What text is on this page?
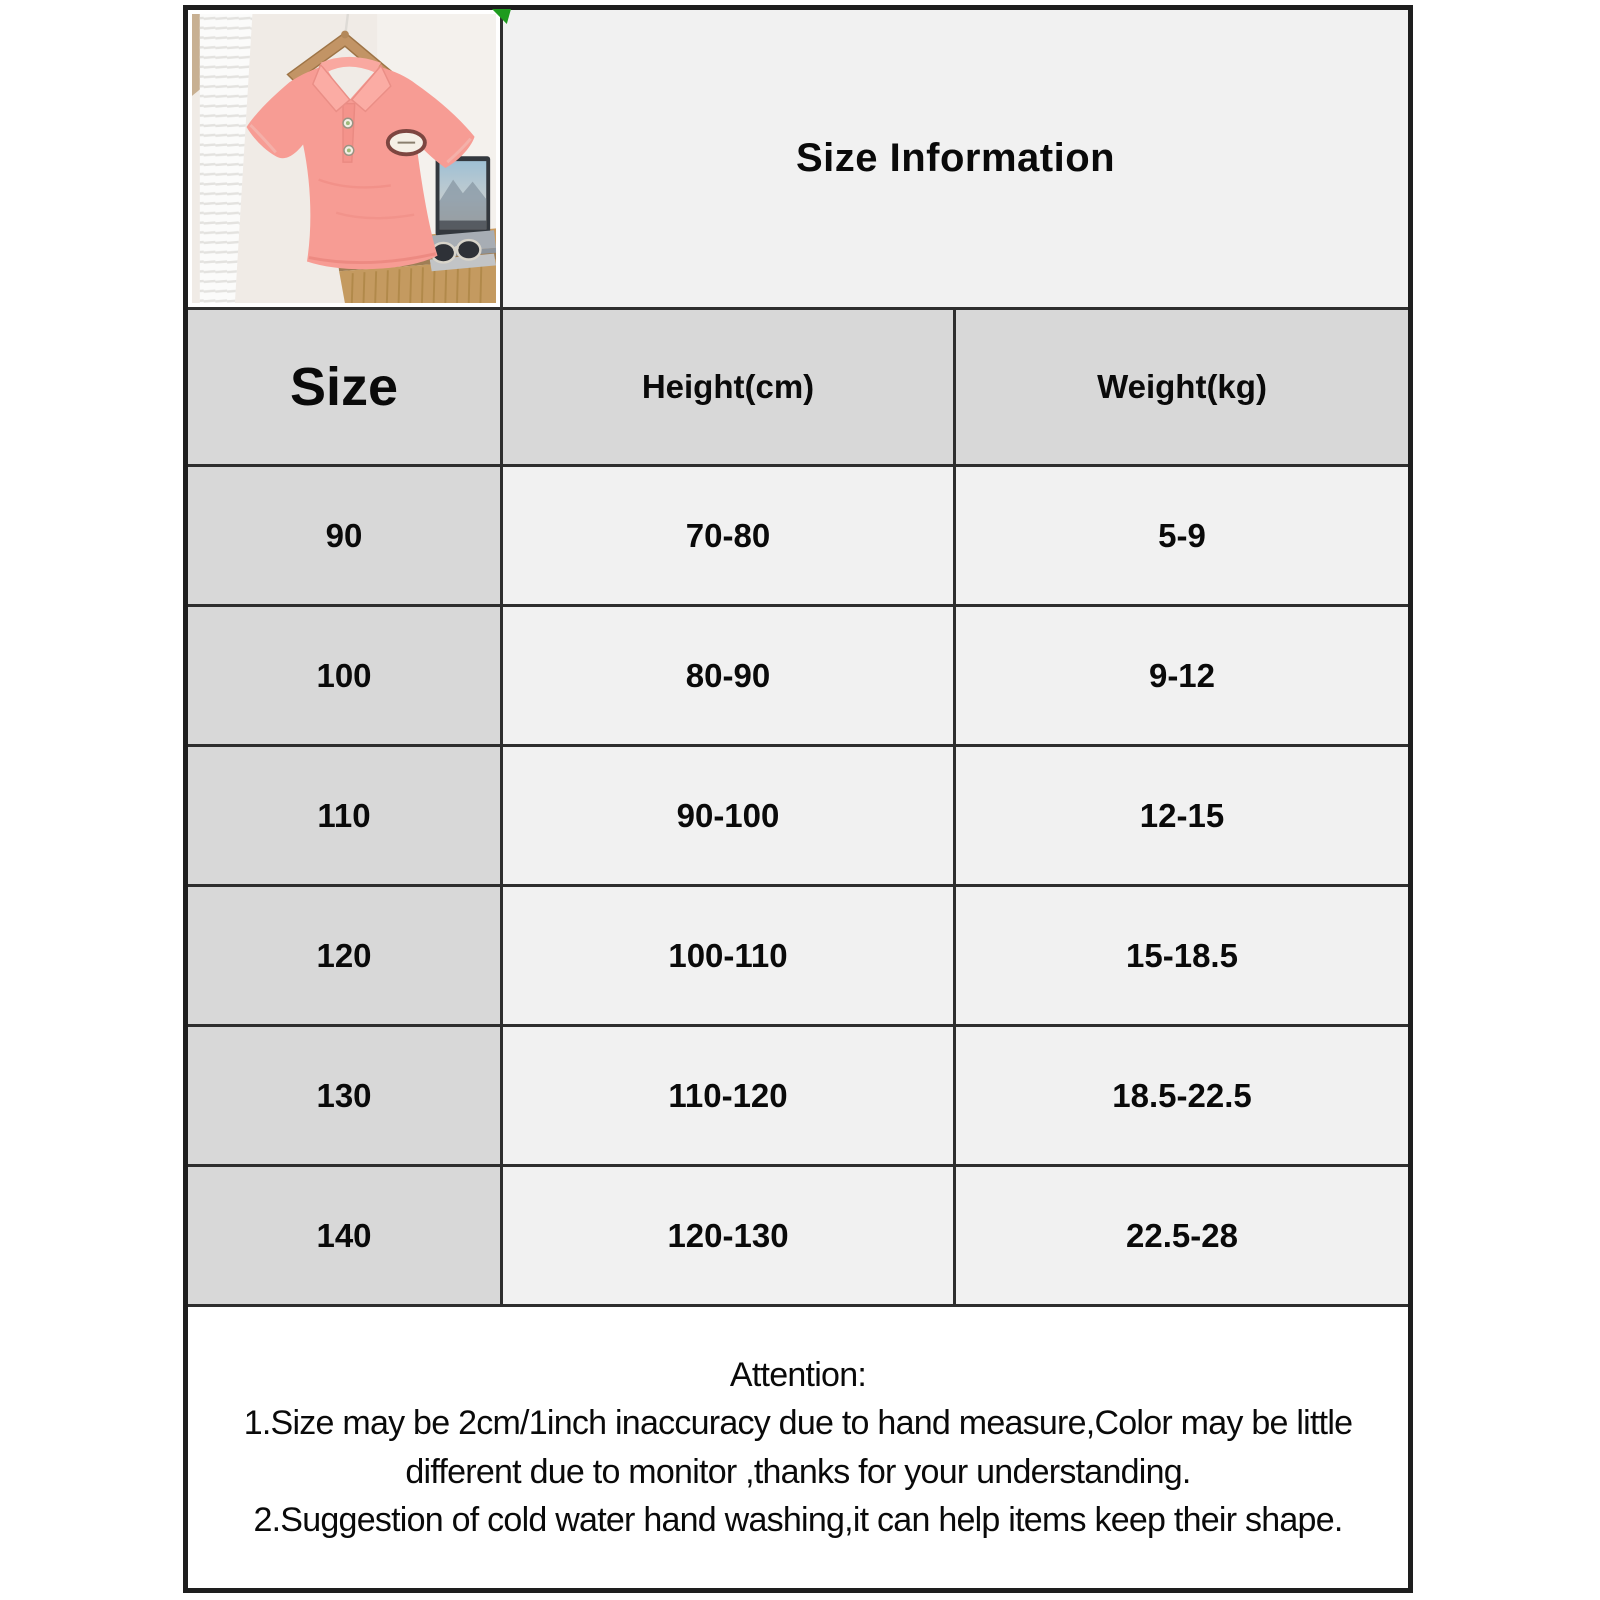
	Size Information	
Size	Height(cm)	Weight(kg)
90	70-80	5-9
100	80-90	9-12
110	90-100	12-15
120	100-110	15-18.5
130	110-120	18.5-22.5
140	120-130	22.5-28

Attention:
1.Size may be 2cm/1inch inaccuracy due to hand measure,Color may be little
different due to monitor ,thanks for your understanding.
2.Suggestion of cold water hand washing,it can help items keep their shape.		
